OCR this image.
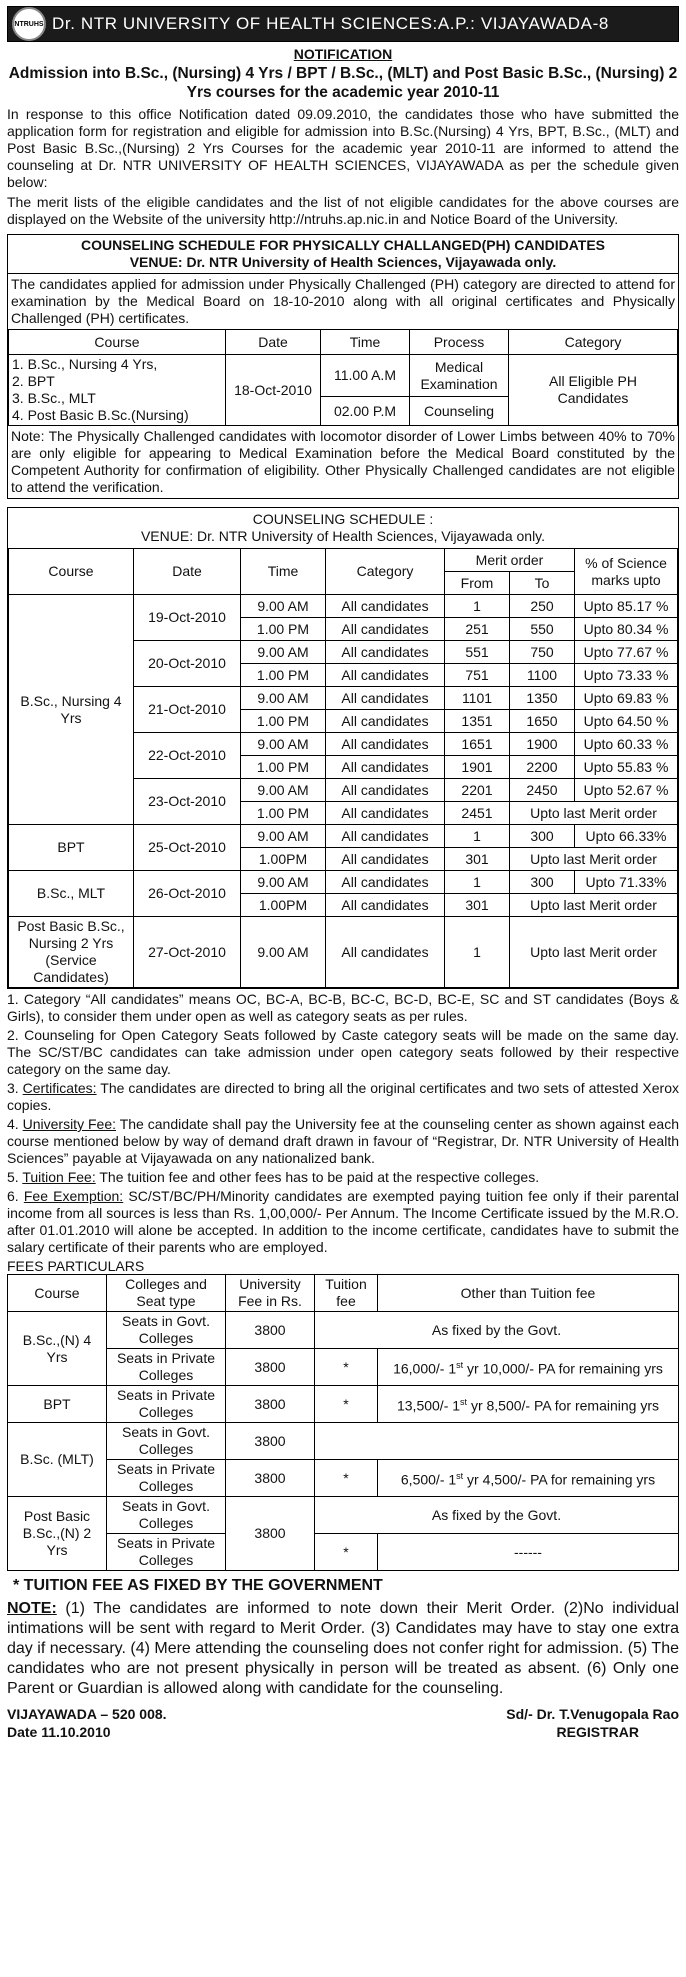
NTRUHS Dr. NTR UNIVERSITY OF HEALTH SCIENCES:A.P.: VIJAYAWADA-8
NOTIFICATION
Admission into B.Sc., (Nursing) 4 Yrs / BPT / B.Sc., (MLT) and Post Basic B.Sc., (Nursing) 2 Yrs courses for the academic year 2010-11

In response to this office Notification dated 09.09.2010, the candidates those who have submitted the application form for registration and eligible for admission into B.Sc.(Nursing) 4 Yrs, BPT, B.Sc., (MLT) and Post Basic B.Sc.,(Nursing) 2 Yrs Courses for the academic year 2010-11 are informed to attend the counseling at Dr. NTR UNIVERSITY OF HEALTH SCIENCES, VIJAYAWADA as per the schedule given below:

The merit lists of the eligible candidates and the list of not eligible candidates for the above courses are displayed on the Website of the university http://ntruhs.ap.nic.in and Notice Board of the University.

COUNSELING SCHEDULE FOR PHYSICALLY CHALLANGED(PH) CANDIDATES
VENUE: Dr. NTR University of Health Sciences, Vijayawada only.
The candidates applied for admission under Physically Challenged (PH) category are directed to attend for examination by the Medical Board on 18-10-2010 along with all original certificates and Physically Challenged (PH) certificates.
Course	Date	Time	Process	Category

1. B.Sc., Nursing 4 Yrs,
2. BPT
3. B.Sc., MLT
4. Post Basic B.Sc.(Nursing)	18-Oct-2010	11.00 A.M	Medical Examination	All Eligible PH Candidates
		02.00 P.M	Counseling	
Note: The Physically Challenged candidates with locomotor disorder of Lower Limbs between 40% to 70% are only eligible for appearing to Medical Examination before the Medical Board constituted by the Competent Authority for confirmation of eligibility. Other Physically Challenged candidates are not eligible to attend the verification.
COUNSELING SCHEDULE :
VENUE: Dr. NTR University of Health Sciences, Vijayawada only.
Course	Date	Time	Category	Merit order		% of Science marks upto
				From	To	
B.Sc., Nursing 4 Yrs	19-Oct-2010	9.00 AM	All candidates	1	250	Upto 85.17 %
		1.00 PM	All candidates	251	550	Upto 80.34 %
	20-Oct-2010	9.00 AM	All candidates	551	750	Upto 77.67 %
		1.00 PM	All candidates	751	1100	Upto 73.33 %
	21-Oct-2010	9.00 AM	All candidates	1101	1350	Upto 69.83 %
		1.00 PM	All candidates	1351	1650	Upto 64.50 %
	22-Oct-2010	9.00 AM	All candidates	1651	1900	Upto 60.33 %
		1.00 PM	All candidates	1901	2200	Upto 55.83 %
	23-Oct-2010	9.00 AM	All candidates	2201	2450	Upto 52.67 %
		1.00 PM	All candidates	2451	Upto last Merit order	
BPT	25-Oct-2010	9.00 AM	All candidates	1	300	Upto 66.33%
		1.00PM	All candidates	301	Upto last Merit order	
B.Sc., MLT	26-Oct-2010	9.00 AM	All candidates	1	300	Upto 71.33%
		1.00PM	All candidates	301	Upto last Merit order	
Post Basic B.Sc., Nursing 2 Yrs (Service Candidates)	27-Oct-2010	9.00 AM	All candidates	1	Upto last Merit order	

1. Category “All candidates” means OC, BC-A, BC-B, BC-C, BC-D, BC-E, SC and ST candidates (Boys & Girls), to consider them under open as well as category seats as per rules.

2. Counseling for Open Category Seats followed by Caste category seats will be made on the same day. The SC/ST/BC candidates can take admission under open category seats followed by their respective category on the same day.

3. Certificates: The candidates are directed to bring all the original certificates and two sets of attested Xerox copies.

4. University Fee: The candidate shall pay the University fee at the counseling center as shown against each course mentioned below by way of demand draft drawn in favour of “Registrar, Dr. NTR University of Health Sciences” payable at Vijayawada on any nationalized bank.

5. Tuition Fee: The tuition fee and other fees has to be paid at the respective colleges.

6. Fee Exemption: SC/ST/BC/PH/Minority candidates are exempted paying tuition fee only if their parental income from all sources is less than Rs. 1,00,000/- Per Annum. The Income Certificate issued by the M.R.O. after 01.01.2010 will alone be accepted. In addition to the income certificate, candidates have to submit the salary certificate of their parents who are employed.

FEES PARTICULARS
Course	Colleges and Seat type	University Fee in Rs.	Tuition fee	Other than Tuition fee
B.Sc.,(N) 4 Yrs	Seats in Govt. Colleges	3800	As fixed by the Govt.	
	Seats in Private Colleges	3800	*	16,000/- 1st yr 10,000/- PA for remaining yrs
BPT	Seats in Private Colleges	3800	*	13,500/- 1st yr 8,500/- PA for remaining yrs
B.Sc. (MLT)	Seats in Govt. Colleges	3800		
	Seats in Private Colleges	3800	*	6,500/- 1st yr 4,500/- PA for remaining yrs
Post Basic B.Sc.,(N) 2 Yrs	Seats in Govt. Colleges	3800	As fixed by the Govt.	
	Seats in Private Colleges		*	------
* TUITION FEE AS FIXED BY THE GOVERNMENT
NOTE: (1) The candidates are informed to note down their Merit Order. (2)No individual intimations will be sent with regard to Merit Order. (3) Candidates may have to stay one extra day if necessary. (4) Mere attending the counseling does not confer right for admission. (5) The candidates who are not present physically in person will be treated as absent. (6) Only one Parent or Guardian is allowed along with candidate for the counseling.
VIJAYAWADA – 520 008.
Date 11.10.2010
Sd/- Dr. T.Venugopala Rao
REGISTRAR
